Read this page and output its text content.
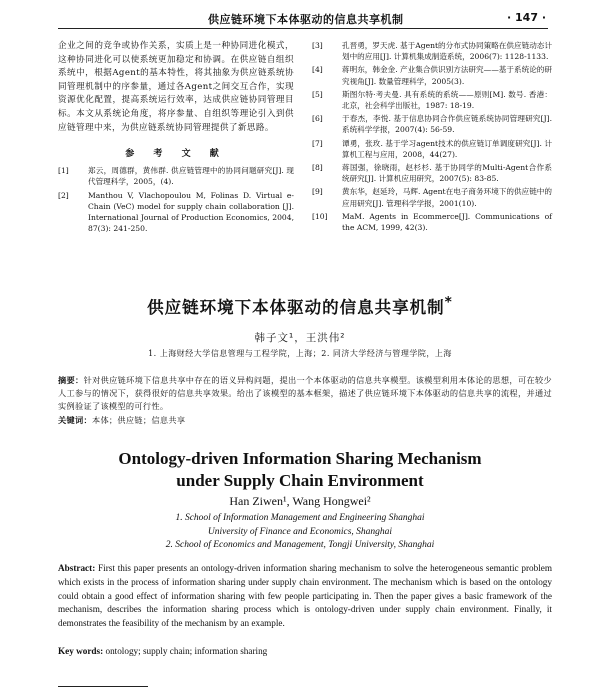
供应链环境下本体驱动的信息共享机制	· 147 ·

企业之间的竞争或协作关系，实质上是一种协同进化模式，这种协同进化可以使系统更加稳定和协调。在供应链自组织系统中，根据Agent的基本特性，将其抽象为供应链系统协同管理机制中的序参量，通过各Agent之间交互合作，实现资源优化配置，提高系统运行效率，达成供应链协同管理目标。本文从系统论角度，将序参量、自组织等理论引入到供应链管理中来，为供应链系统协同管理提供了新思路。

参 考 文 献
[1]	郑云，周德群，黄伟群. 供应链管理中的协同问题研究[J]. 现代管理科学，2005，(4).
[2]	Manthou V, Vlachopoulou M, Folinas D. Virtual e-Chain (VeC) model for supply chain collaboration [J]. International Journal of Production Economics, 2004, 87(3): 241-250.
[3]	孔晋勇，罗天虎. 基于Agent的分布式协同策略在供应链动态计划中的应用[J]. 计算机集成制造系统，2006(7): 1128-1133.
[4]	蒋明东，韩金金. 产业集合供识别方法研究——基于系统论的研究视角[J]. 数量管理科学，2005(3).
[5]	斯图尔特·考夫曼. 具有系统的系统——原则[M]. 数号. 香港：北京，社会科学出版社，1987: 18-19.
[6]	于春杰，李悦. 基于信息协同合作供应链系统协同管理研究[J]. 系统科学学报，2007(4): 56-59.
[7]	谭勇，张玫. 基于学习agent技术的供应链订单调度研究[J]. 计算机工程与应用，2008，44(27).
[8]	蒋国强，徐晓雨，赵杉杉. 基于协同学的Multi-Agent合作系统研究[J]. 计算机应用研究，2007(5): 83-85.
[9]	黄东华，赵延玲，马辉. Agent在电子商务环境下的供应链中的应用研究[J]. 管理科学学报，2001(10).
[10] MaM. Agents in Ecommerce[J]. Communications of the ACM, 1999, 42(3).
供应链环境下本体驱动的信息共享机制*
韩子文¹，王洪伟²
1. 上海财经大学信息管理与工程学院，上海；2. 同济大学经济与管理学院，上海
摘要：针对供应链环境下信息共享中存在的语义异构问题，提出一个本体驱动的信息共享模型。该模型利用本体论的思想，可在较少人工参与的情况下，获得很好的信息共享效果。给出了该模型的基本框架，描述了供应链环境下本体驱动的信息共享的流程，并通过实例验证了该模型的可行性。
关键词：本体；供应链；信息共享
Ontology-driven Information Sharing Mechanism
under Supply Chain Environment
Han Ziwen¹, Wang Hongwei²
1. School of Information Management and Engineering Shanghai
University of Finance and Economics, Shanghai
2. School of Economics and Management, Tongji University, Shanghai
Abstract: First this paper presents an ontology-driven information sharing mechanism to solve the heterogeneous semantic problem which exists in the process of information sharing under supply chain environment. The mechanism which is based on the ontology could obtain a good effect of information sharing with few people participating in. Then the paper gives a basic framework of the mechanism, describes the information sharing process which is ontology-driven under supply chain environment. Finally, it demonstrates the feasibility of the mechanism by an example.
Key words: ontology; supply chain; information sharing
